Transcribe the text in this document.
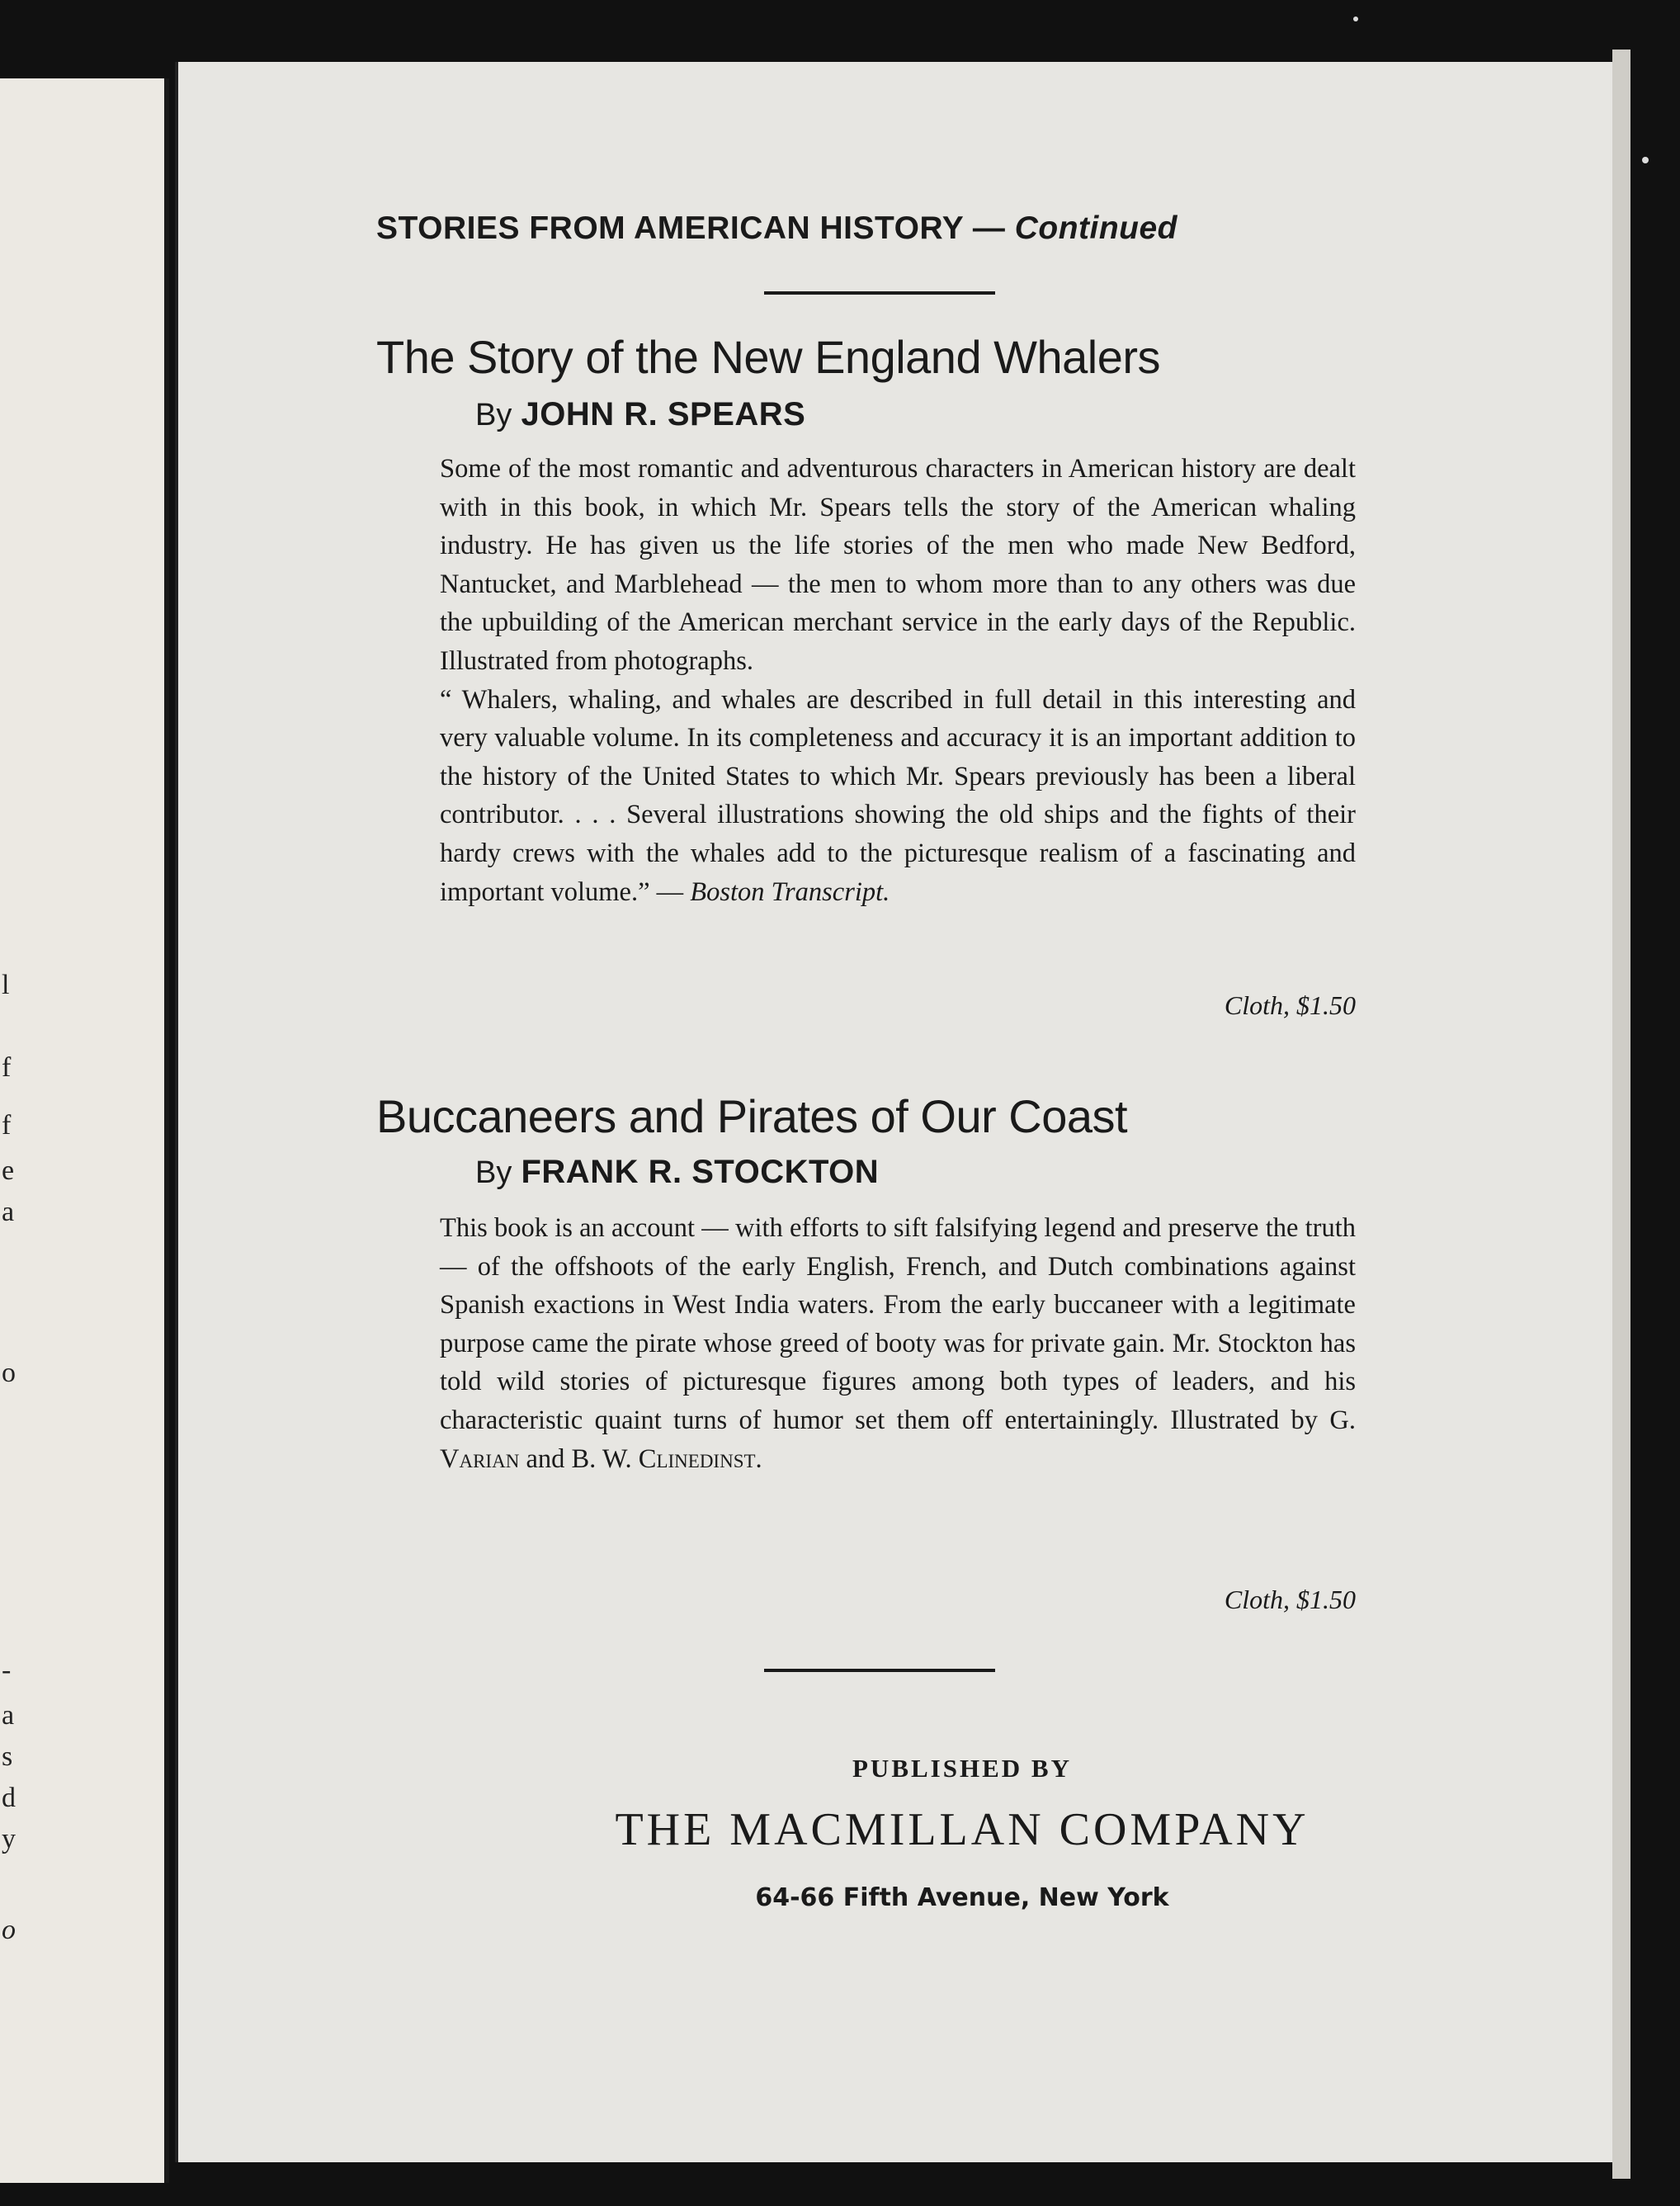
l
f
f
e
a
o
-
a
s
d
y
o
STORIES FROM AMERICAN HISTORY — Continued
The Story of the New England Whalers
By JOHN R. SPEARS

Some of the most romantic and adventurous characters in American history are dealt with in this book, in which Mr. Spears tells the story of the American whaling industry. He has given us the life stories of the men who made New Bedford, Nantucket, and Marblehead — the men to whom more than to any others was due the upbuilding of the American merchant service in the early days of the Republic. Illustrated from photographs.

“ Whalers, whaling, and whales are described in full detail in this interesting and very valuable volume. In its completeness and accuracy it is an important addition to the history of the United States to which Mr. Spears previously has been a liberal contributor. . . . Several illustrations showing the old ships and the fights of their hardy crews with the whales add to the picturesque realism of a fascinating and important volume.” — Boston Transcript.

Cloth, $1.50
Buccaneers and Pirates of Our Coast
By FRANK R. STOCKTON

This book is an account — with efforts to sift falsifying legend and preserve the truth — of the offshoots of the early English, French, and Dutch combinations against Spanish exactions in West India waters. From the early buccaneer with a legitimate purpose came the pirate whose greed of booty was for private gain. Mr. Stockton has told wild stories of picturesque figures among both types of leaders, and his characteristic quaint turns of humor set them off entertainingly. Illustrated by G. Varian and B. W. Clinedinst.

Cloth, $1.50
PUBLISHED BY
THE MACMILLAN COMPANY
64-66 Fifth Avenue, New York
